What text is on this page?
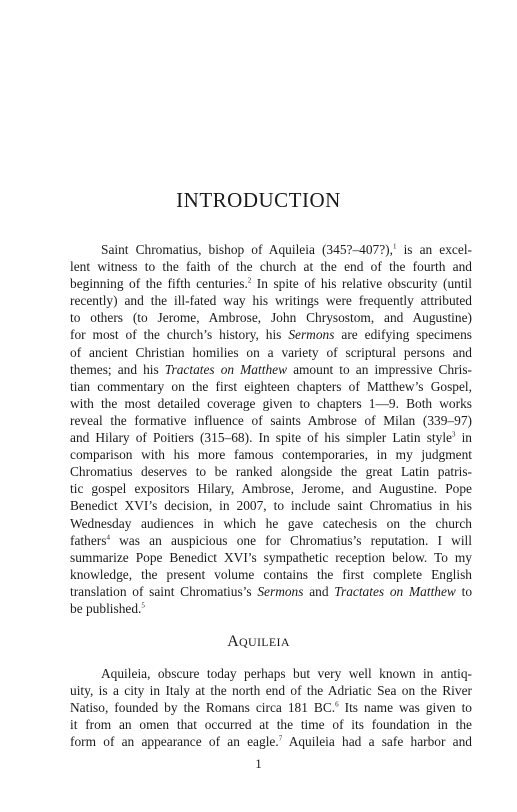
INTRODUCTION
Saint Chromatius, bishop of Aquileia (345?–407?),$^1$ is an excel-
lent witness to the faith of the church at the end of the fourth and
beginning of the fifth centuries.$^2$ In spite of his relative obscurity (until
recently) and the ill-fated way his writings were frequently attributed
to others (to Jerome, Ambrose, John Chrysostom, and Augustine)
for most of the church’s history, his Sermons are edifying specimens
of ancient Christian homilies on a variety of scriptural persons and
themes; and his Tractates on Matthew amount to an impressive Chris-
tian commentary on the first eighteen chapters of Matthew’s Gospel,
with the most detailed coverage given to chapters 1—9. Both works
reveal the formative influence of saints Ambrose of Milan (339–97)
and Hilary of Poitiers (315–68). In spite of his simpler Latin style$^3$ in
comparison with his more famous contemporaries, in my judgment
Chromatius deserves to be ranked alongside the great Latin patris-
tic gospel expositors Hilary, Ambrose, Jerome, and Augustine. Pope
Benedict XVI’s decision, in 2007, to include saint Chromatius in his
Wednesday audiences in which he gave catechesis on the church
fathers$^4$ was an auspicious one for Chromatius’s reputation. I will
summarize Pope Benedict XVI’s sympathetic reception below. To my
knowledge, the present volume contains the first complete English
translation of saint Chromatius’s Sermons and Tractates on Matthew to
be published.$^5$
AQUILEIA
Aquileia, obscure today perhaps but very well known in antiq-
uity, is a city in Italy at the north end of the Adriatic Sea on the River
Natiso, founded by the Romans circa 181 BC.$^6$ Its name was given to
it from an omen that occurred at the time of its foundation in the
form of an appearance of an eagle.$^7$ Aquileia had a safe harbor and
1
